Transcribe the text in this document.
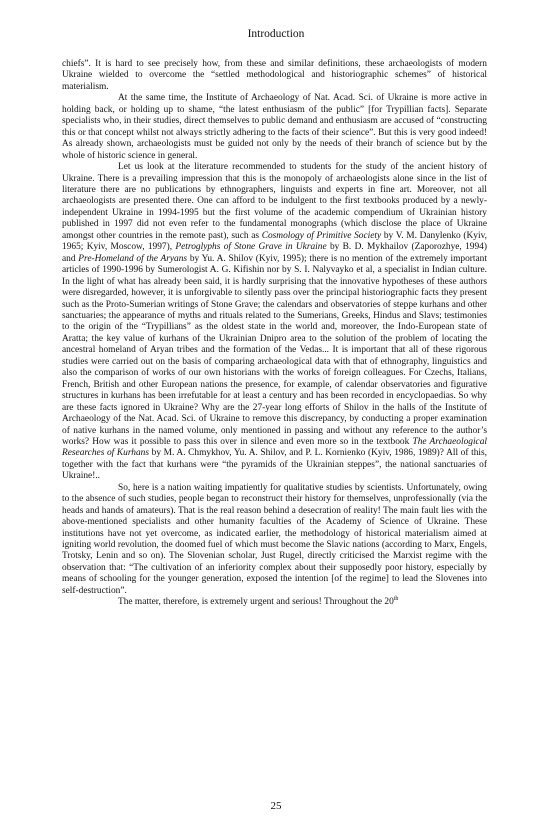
Introduction

chiefs”. It is hard to see precisely how, from these and similar definitions, these archaeologists of modern Ukraine wielded to overcome the “settled methodological and historiographic schemes” of historical materialism.

At the same time, the Institute of Archaeology of Nat. Acad. Sci. of Ukraine is more active in holding back, or holding up to shame, “the latest enthusiasm of the public” [for Trypillian facts]. Separate specialists who, in their studies, direct themselves to public demand and enthusiasm are accused of “constructing this or that concept whilst not always strictly adhering to the facts of their science”. But this is very good indeed! As already shown, archaeologists must be guided not only by the needs of their branch of science but by the whole of historic science in general.

Let us look at the literature recommended to students for the study of the ancient history of Ukraine. There is a prevailing impression that this is the monopoly of archaeologists alone since in the list of literature there are no publications by ethnographers, linguists and experts in fine art. Moreover, not all archaeologists are presented there. One can afford to be indulgent to the first textbooks produced by a newly-independent Ukraine in 1994-1995 but the first volume of the academic compendium of Ukrainian history published in 1997 did not even refer to the fundamental monographs (which disclose the place of Ukraine amongst other countries in the remote past), such as Cosmology of Primitive Society by V. M. Danylenko (Kyiv, 1965; Kyiv, Moscow, 1997), Petroglyphs of Stone Grave in Ukraine by B. D. Mykhailov (Zaporozhye, 1994) and Pre-Homeland of the Aryans by Yu. A. Shilov (Kyiv, 1995); there is no mention of the extremely important articles of 1990-1996 by Sumerologist A. G. Kifishin nor by S. I. Nalyvayko et al, a specialist in Indian culture. In the light of what has already been said, it is hardly surprising that the innovative hypotheses of these authors were disregarded, however, it is unforgivable to silently pass over the principal historiographic facts they present such as the Proto-Sumerian writings of Stone Grave; the calendars and observatories of steppe kurhans and other sanctuaries; the appearance of myths and rituals related to the Sumerians, Greeks, Hindus and Slavs; testimonies to the origin of the “Trypillians” as the oldest state in the world and, moreover, the Indo-European state of Aratta; the key value of kurhans of the Ukrainian Dnipro area to the solution of the problem of locating the ancestral homeland of Aryan tribes and the formation of the Vedas... It is important that all of these rigorous studies were carried out on the basis of comparing archaeological data with that of ethnography, linguistics and also the comparison of works of our own historians with the works of foreign colleagues. For Czechs, Italians, French, British and other European nations the presence, for example, of calendar observatories and figurative structures in kurhans has been irrefutable for at least a century and has been recorded in encyclopaedias. So why are these facts ignored in Ukraine? Why are the 27-year long efforts of Shilov in the halls of the Institute of Archaeology of the Nat. Acad. Sci. of Ukraine to remove this discrepancy, by conducting a proper examination of native kurhans in the named volume, only mentioned in passing and without any reference to the author’s works? How was it possible to pass this over in silence and even more so in the textbook The Archaeological Researches of Kurhans by M. A. Chmykhov, Yu. A. Shilov, and P. L. Kornienko (Kyiv, 1986, 1989)? All of this, together with the fact that kurhans were “the pyramids of the Ukrainian steppes”, the national sanctuaries of Ukraine!..

So, here is a nation waiting impatiently for qualitative studies by scientists. Unfortunately, owing to the absence of such studies, people began to reconstruct their history for themselves, unprofessionally (via the heads and hands of amateurs). That is the real reason behind a desecration of reality! The main fault lies with the above-mentioned specialists and other humanity faculties of the Academy of Science of Ukraine. These institutions have not yet overcome, as indicated earlier, the methodology of historical materialism aimed at igniting world revolution, the doomed fuel of which must become the Slavic nations (according to Marx, Engels, Trotsky, Lenin and so on). The Slovenian scholar, Just Rugel, directly criticised the Marxist regime with the observation that: “The cultivation of an inferiority complex about their supposedly poor history, especially by means of schooling for the younger generation, exposed the intention [of the regime] to lead the Slovenes into self-destruction”.

The matter, therefore, is extremely urgent and serious! Throughout the 20th

25
